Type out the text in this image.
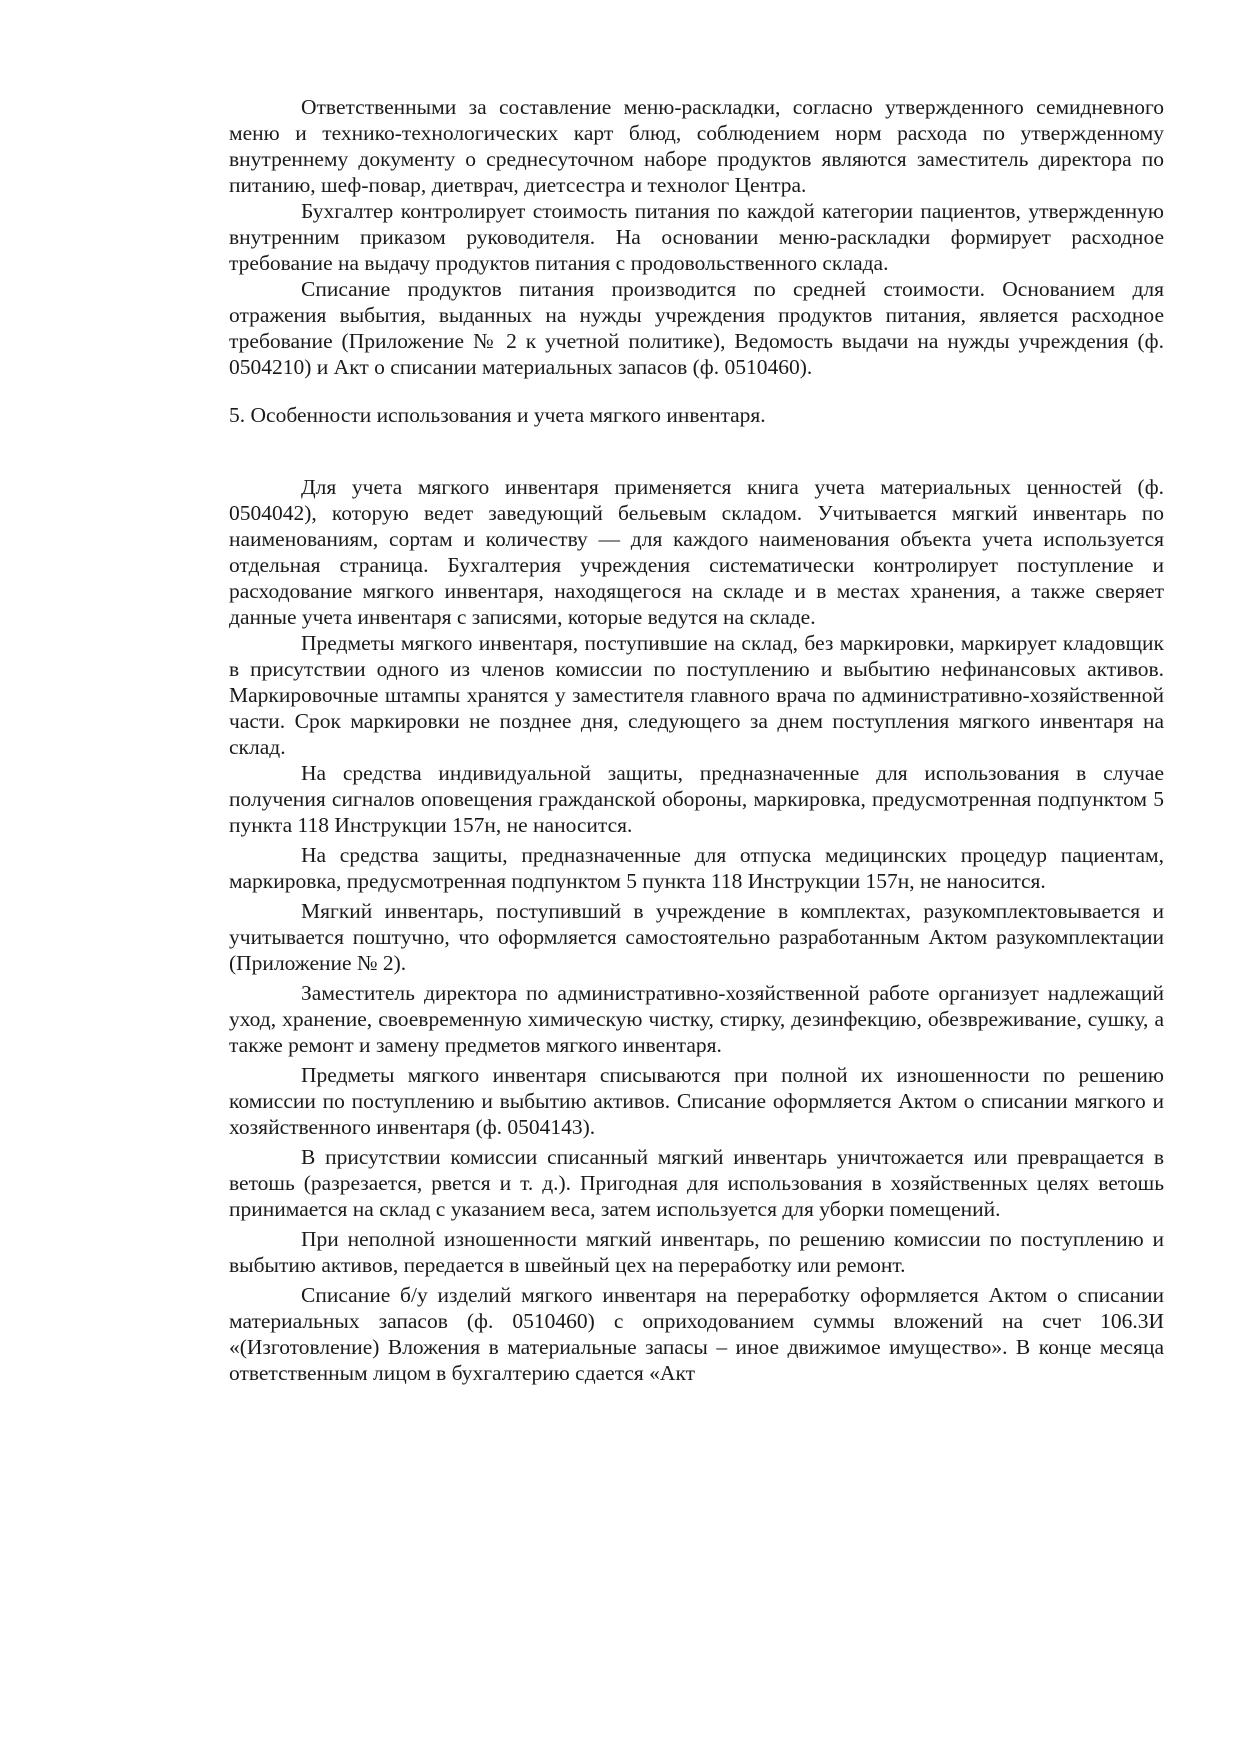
Ответственными за составление меню-раскладки, согласно утвержденного семидневного меню и технико-технологических карт блюд, соблюдением норм расхода по утвержденному внутреннему документу о среднесуточном наборе продуктов являются заместитель директора по питанию, шеф-повар, диетврач, диетсестра и технолог Центра.

Бухгалтер контролирует стоимость питания по каждой категории пациентов, утвержденную внутренним приказом руководителя. На основании меню-раскладки формирует расходное требование на выдачу продуктов питания с продовольственного склада.

Списание продуктов питания производится по средней стоимости. Основанием для отражения выбытия, выданных на нужды учреждения продуктов питания, является расходное требование (Приложение № 2 к учетной политике), Ведомость выдачи на нужды учреждения (ф. 0504210) и Акт о списании материальных запасов (ф. 0510460).

5. Особенности использования и учета мягкого инвентаря.

Для учета мягкого инвентаря применяется книга учета материальных ценностей (ф. 0504042), которую ведет заведующий бельевым складом. Учитывается мягкий инвентарь по наименованиям, сортам и количеству — для каждого наименования объекта учета используется отдельная страница. Бухгалтерия учреждения систематически контролирует поступление и расходование мягкого инвентаря, находящегося на складе и в местах хранения, а также сверяет данные учета инвентаря с записями, которые ведутся на складе.

Предметы мягкого инвентаря, поступившие на склад, без маркировки, маркирует кладовщик в присутствии одного из членов комиссии по поступлению и выбытию нефинансовых активов. Маркировочные штампы хранятся у заместителя главного врача по административно-хозяйственной части. Срок маркировки не позднее дня, следующего за днем поступления мягкого инвентаря на склад.

На средства индивидуальной защиты, предназначенные для использования в случае получения сигналов оповещения гражданской обороны, маркировка, предусмотренная подпунктом 5 пункта 118 Инструкции 157н, не наносится.

На средства защиты, предназначенные для отпуска медицинских процедур пациентам, маркировка, предусмотренная подпунктом 5 пункта 118 Инструкции 157н, не наносится.

Мягкий инвентарь, поступивший в учреждение в комплектах, разукомплектовывается и учитывается поштучно, что оформляется самостоятельно разработанным Актом разукомплектации (Приложение № 2).

Заместитель директора по административно-хозяйственной работе организует надлежащий уход, хранение, своевременную химическую чистку, стирку, дезинфекцию, обезвреживание, сушку, а также ремонт и замену предметов мягкого инвентаря.

Предметы мягкого инвентаря списываются при полной их изношенности по решению комиссии по поступлению и выбытию активов. Списание оформляется Актом о списании мягкого и хозяйственного инвентаря (ф. 0504143).

В присутствии комиссии списанный мягкий инвентарь уничтожается или превращается в ветошь (разрезается, рвется и т. д.). Пригодная для использования в хозяйственных целях ветошь принимается на склад с указанием веса, затем используется для уборки помещений.

При неполной изношенности мягкий инвентарь, по решению комиссии по поступлению и выбытию активов, передается в швейный цех на переработку или ремонт.

Списание б/у изделий мягкого инвентаря на переработку оформляется Актом о списании материальных запасов (ф. 0510460) с оприходованием суммы вложений на счет 106.3И «(Изготовление) Вложения в материальные запасы – иное движимое имущество». В конце месяца ответственным лицом в бухгалтерию сдается «Акт
